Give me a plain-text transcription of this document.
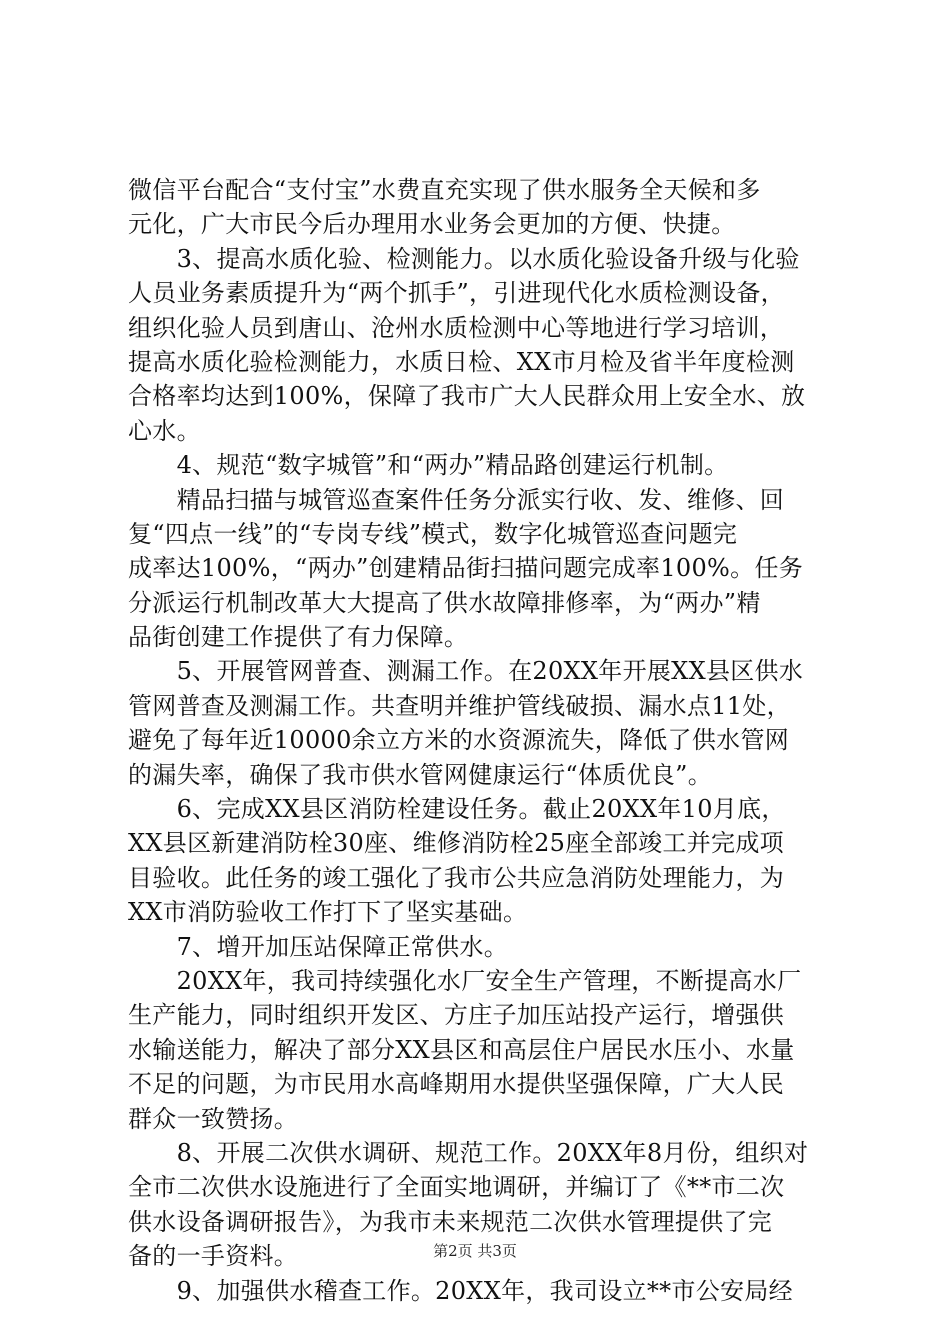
微信平台配合“支付宝”水费直充实现了供水服务全天候和多
元化，广大市民今后办理用水业务会更加的方便、快捷。
　　3、提高水质化验、检测能力。以水质化验设备升级与化验
人员业务素质提升为“两个抓手”，引进现代化水质检测设备，
组织化验人员到唐山、沧州水质检测中心等地进行学习培训，
提高水质化验检测能力，水质日检、XX市月检及省半年度检测
合格率均达到100%，保障了我市广大人民群众用上安全水、放
心水。
　　4、规范“数字城管”和“两办”精品路创建运行机制。
　　精品扫描与城管巡查案件任务分派实行收、发、维修、回
复“四点一线”的“专岗专线”模式，数字化城管巡查问题完
成率达100%，“两办”创建精品街扫描问题完成率100%。任务
分派运行机制改革大大提高了供水故障排修率，为“两办”精
品街创建工作提供了有力保障。
　　5、开展管网普查、测漏工作。在20XX年开展XX县区供水
管网普查及测漏工作。共查明并维护管线破损、漏水点11处，
避免了每年近10000余立方米的水资源流失，降低了供水管网
的漏失率，确保了我市供水管网健康运行“体质优良”。
　　6、完成XX县区消防栓建设任务。截止20XX年10月底，
XX县区新建消防栓30座、维修消防栓25座全部竣工并完成项
目验收。此任务的竣工强化了我市公共应急消防处理能力，为
XX市消防验收工作打下了坚实基础。
　　7、增开加压站保障正常供水。
　　20XX年，我司持续强化水厂安全生产管理，不断提高水厂
生产能力，同时组织开发区、方庄子加压站投产运行，增强供
水输送能力，解决了部分XX县区和高层住户居民水压小、水量
不足的问题，为市民用水高峰期用水提供坚强保障，广大人民
群众一致赞扬。
　　8、开展二次供水调研、规范工作。20XX年8月份，组织对
全市二次供水设施进行了全面实地调研，并编订了《**市二次
供水设备调研报告》，为我市未来规范二次供水管理提供了完
备的一手资料。
　　9、加强供水稽查工作。20XX年，我司设立**市公安局经
第2页 共3页
